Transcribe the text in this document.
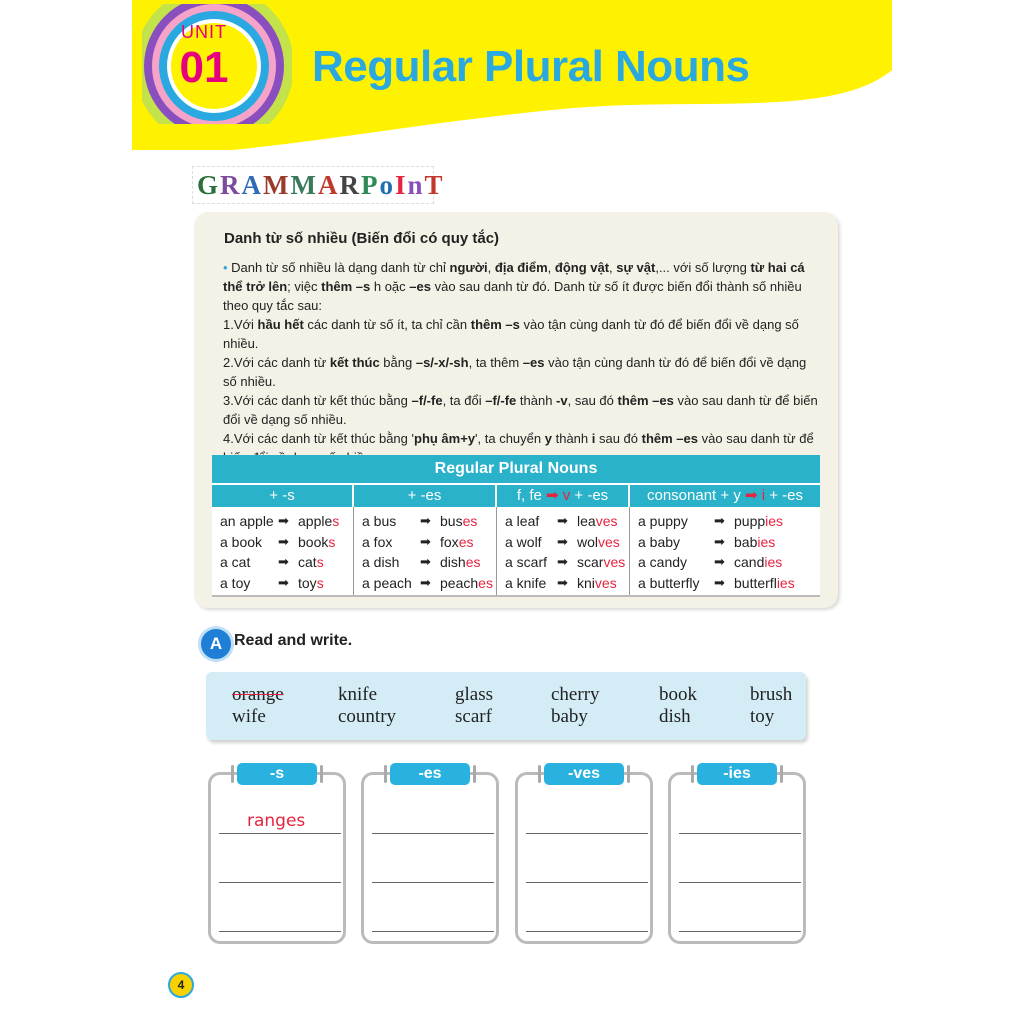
UNIT
01 Regular Plural Nouns
G R A M M A R P o I n T
Danh từ số nhiều (Biến đổi có quy tắc)

• Danh từ số nhiều là dạng danh từ chỉ người, địa điểm, động vật, sự vật,... với số lượng từ hai cá thể trở lên; việc thêm –s h oặc –es vào sau danh từ đó. Danh từ số ít được biến đổi thành số nhiều theo quy tắc sau:

1.Với hầu hết các danh từ số ít, ta chỉ cần thêm –s vào tận cùng danh từ đó để biến đổi về dạng số nhiều.

2.Với các danh từ kết thúc bằng –s/-x/-sh, ta thêm –es vào tận cùng danh từ đó để biến đổi về dạng số nhiều.

3.Với các danh từ kết thúc bằng –f/-fe, ta đổi –f/-fe thành -v, sau đó thêm –es vào sau danh từ để biến đổi về dạng số nhiều.

4.Với các danh từ kết thúc bằng 'phụ âm+y', ta chuyển y thành i sau đó thêm –es vào sau danh từ để

Regular Plural Nouns
+ -s	+ -es	f, fe ➡ v + -es	consonant + y ➡ i + -es
an apple ➡ apples
a book	➡ books
a cat	➡ cats
a toy	➡ toys
a bus	➡ buses
a fox	➡ foxes
a dish	➡ dishes
a peach ➡ peaches
a leaf	➡ leaves
a wolf	➡ wolves
a scarf ➡ scarves
a knife ➡ knives
a puppy	➡ puppies
a baby	➡ babies
a candy	➡ candies
a butterfly	➡ butterflies
A Read and write.
orange	knife	glass	cherry	book	brush
wife	country	scarf	baby	dish	toy
-s
ranges
-es	-ves	-ies
4
